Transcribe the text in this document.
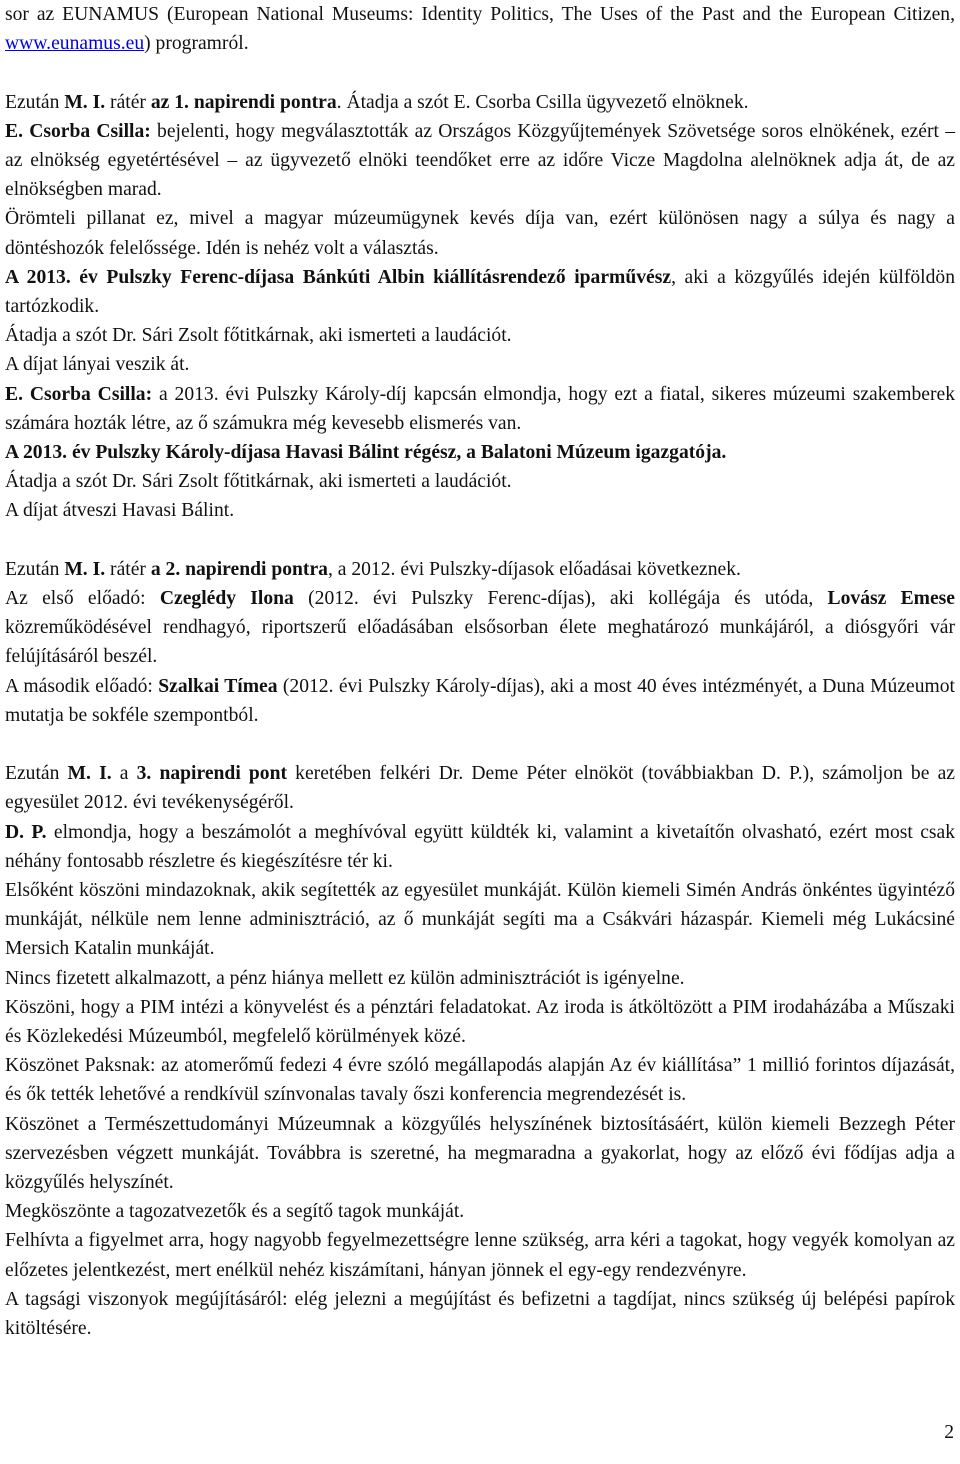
sor az EUNAMUS (European National Museums: Identity Politics, The Uses of the Past and the European Citizen, www.eunamus.eu) programról.

Ezután M. I. rátér az 1. napirendi pontra. Átadja a szót E. Csorba Csilla ügyvezető elnöknek.

E. Csorba Csilla: bejelenti, hogy megválasztották az Országos Közgyűjtemények Szövetsége soros elnökének, ezért – az elnökség egyetértésével – az ügyvezető elnöki teendőket erre az időre Vicze Magdolna alelnöknek adja át, de az elnökségben marad.

Örömteli pillanat ez, mivel a magyar múzeumügynek kevés díja van, ezért különösen nagy a súlya és nagy a döntéshozók felelőssége. Idén is nehéz volt a választás.

A 2013. év Pulszky Ferenc-díjasa Bánkúti Albin kiállításrendező iparművész, aki a közgyűlés idején külföldön tartózkodik.

Átadja a szót Dr. Sári Zsolt főtitkárnak, aki ismerteti a laudációt.

A díjat lányai veszik át.

E. Csorba Csilla: a 2013. évi Pulszky Károly-díj kapcsán elmondja, hogy ezt a fiatal, sikeres múzeumi szakemberek számára hozták létre, az ő számukra még kevesebb elismerés van.

A 2013. év Pulszky Károly-díjasa Havasi Bálint régész, a Balatoni Múzeum igazgatója.

Átadja a szót Dr. Sári Zsolt főtitkárnak, aki ismerteti a laudációt.

A díjat átveszi Havasi Bálint.

Ezután M. I. rátér a 2. napirendi pontra, a 2012. évi Pulszky-díjasok előadásai következnek.

Az első előadó: Czeglédy Ilona (2012. évi Pulszky Ferenc-díjas), aki kollégája és utóda, Lovász Emese közreműködésével rendhagyó, riportszerű előadásában elsősorban élete meghatározó munkájáról, a diósgyőri vár felújításáról beszél.

A második előadó: Szalkai Tímea (2012. évi Pulszky Károly-díjas), aki a most 40 éves intézményét, a Duna Múzeumot mutatja be sokféle szempontból.

Ezután M. I. a 3. napirendi pont keretében felkéri Dr. Deme Péter elnököt (továbbiakban D. P.), számoljon be az egyesület 2012. évi tevékenységéről.

D. P. elmondja, hogy a beszámolót a meghívóval együtt küldték ki, valamint a kivetaítőn olvasható, ezért most csak néhány fontosabb részletre és kiegészítésre tér ki.

Elsőként köszöni mindazoknak, akik segítették az egyesület munkáját. Külön kiemeli Simén András önkéntes ügyintéző munkáját, nélküle nem lenne adminisztráció, az ő munkáját segíti ma a Csákvári házaspár. Kiemeli még Lukácsiné Mersich Katalin munkáját.

Nincs fizetett alkalmazott, a pénz hiánya mellett ez külön adminisztrációt is igényelne.

Köszöni, hogy a PIM intézi a könyvelést és a pénztári feladatokat. Az iroda is átköltözött a PIM irodaházába a Műszaki és Közlekedési Múzeumból, megfelelő körülmények közé.

Köszönet Paksnak: az atomerőmű fedezi 4 évre szóló megállapodás alapján Az év kiállítása” 1 millió forintos díjazását, és ők tették lehetővé a rendkívül színvonalas tavaly őszi konferencia megrendezését is.

Köszönet a Természettudományi Múzeumnak a közgyűlés helyszínének biztosításáért, külön kiemeli Bezzegh Péter szervezésben végzett munkáját. Továbbra is szeretné, ha megmaradna a gyakorlat, hogy az előző évi fődíjas adja a közgyűlés helyszínét.

Megköszönte a tagozatvezetők és a segítő tagok munkáját.

Felhívta a figyelmet arra, hogy nagyobb fegyelmezettségre lenne szükség, arra kéri a tagokat, hogy vegyék komolyan az előzetes jelentkezést, mert enélkül nehéz kiszámítani, hányan jönnek el egy-egy rendezvényre.

A tagsági viszonyok megújításáról: elég jelezni a megújítást és befizetni a tagdíjat, nincs szükség új belépési papírok kitöltésére.

2
